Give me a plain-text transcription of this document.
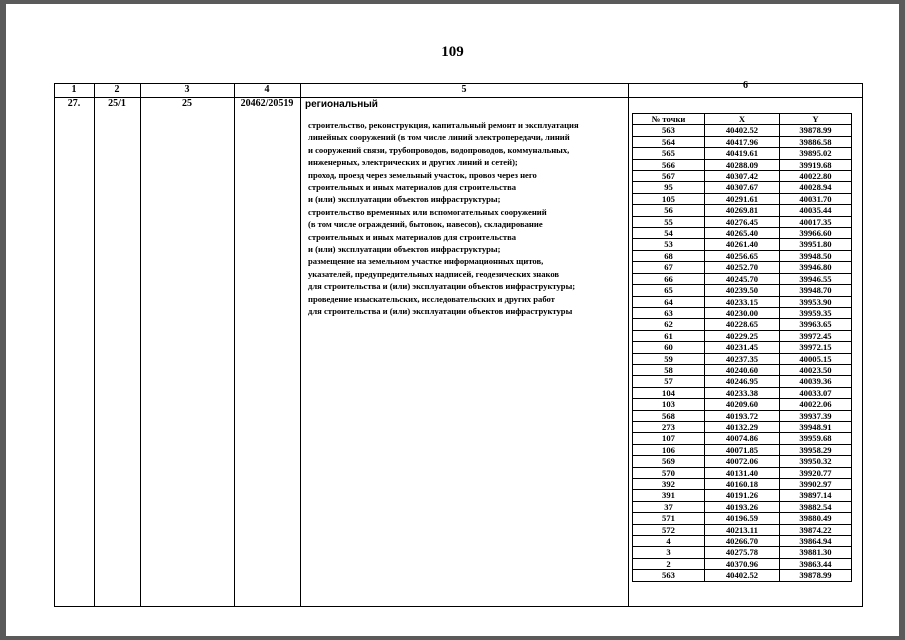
109
1	2	3	4	5	6
27.	25/1	25	20462/20519	региональный
строительство, реконструкция, капитальный ремонт и эксплуатация
линейных сооружений (в том числе линий электропередачи, линий
и сооружений связи, трубопроводов, водопроводов, коммунальных,
инженерных, электрических и других линий и сетей);
проход, проезд через земельный участок, провоз через него
строительных и иных материалов для строительства
и (или) эксплуатации объектов инфраструктуры;
строительство временных или вспомогательных сооружений
(в том числе ограждений, бытовок, навесов), складирование
строительных и иных материалов для строительства
и (или) эксплуатации объектов инфраструктуры;
размещение на земельном участке информационных щитов,
указателей, предупредительных надписей, геодезических знаков
для строительства и (или) эксплуатации объектов инфраструктуры;
проведение изыскательских, исследовательских и других работ
для строительства и (или) эксплуатации объектов инфраструктуры
№ точки	X	Y
563	40402.52	39878.99
564	40417.96	39886.58
565	40419.61	39895.02
566	40288.09	39919.68
567	40307.42	40022.80
95	40307.67	40028.94
105	40291.61	40031.70
56	40269.81	40035.44
55	40276.45	40017.35
54	40265.40	39966.60
53	40261.40	39951.80
68	40256.65	39948.50
67	40252.70	39946.80
66	40245.70	39946.55
65	40239.50	39948.70
64	40233.15	39953.90
63	40230.00	39959.35
62	40228.65	39963.65
61	40229.25	39972.45
60	40231.45	39972.15
59	40237.35	40005.15
58	40240.60	40023.50
57	40246.95	40039.36
104	40233.38	40033.07
103	40209.60	40022.06
568	40193.72	39937.39
273	40132.29	39948.91
107	40074.86	39959.68
106	40071.85	39958.29
569	40072.06	39950.32
570	40131.40	39920.77
392	40160.18	39902.97
391	40191.26	39897.14
37	40193.26	39882.54
571	40196.59	39880.49
572	40213.11	39874.22
4	40266.70	39864.94
3	40275.78	39881.30
2	40370.96	39863.44
563	40402.52	39878.99
